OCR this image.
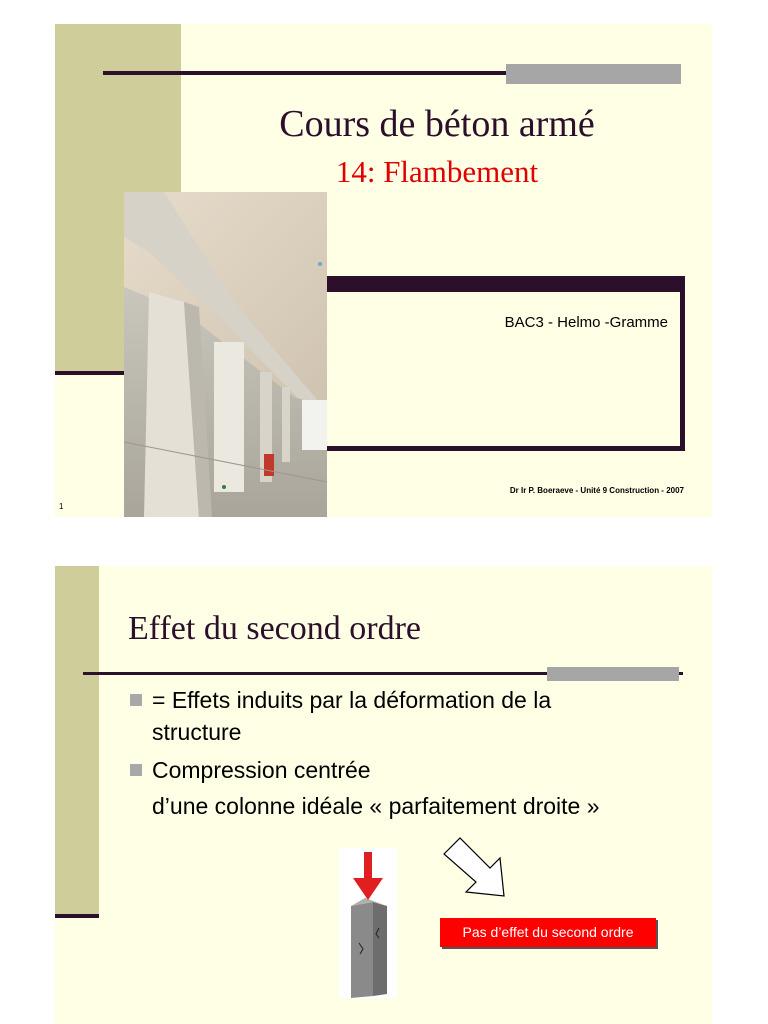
Cours de béton armé
14: Flambement
BAC3 - Helmo -Gramme
Dr Ir P. Boeraeve - Unité 9 Construction - 2007
1
Effet du second ordre
= Effets induits par la déformation de la
structure
Compression centrée
d’une colonne idéale « parfaitement droite »
Pas d’effet du second ordre
